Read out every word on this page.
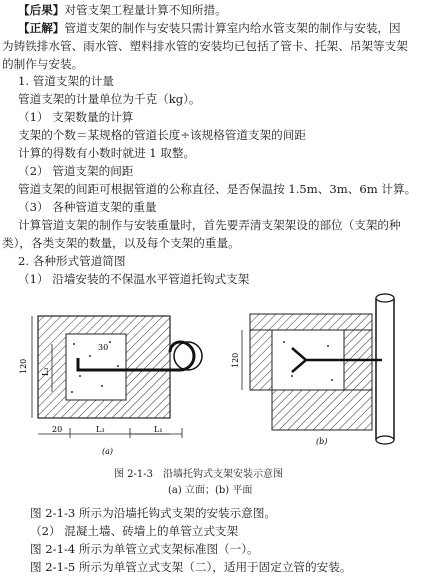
【后果】对管支架工程量计算不知所措。
【正解】管道支架的制作与安装只需计算室内给水管支架的制作与安装，因
为铸铁排水管、雨水管、塑料排水管的安装均已包括了管卡、托架、吊架等支架
的制作与安装。
1. 管道支架的计量
管道支架的计量单位为千克（kg）。
（1） 支架数量的计算
支架的个数＝某规格的管道长度÷该规格管道支架的间距
计算的得数有小数时就进 1 取整。
（2） 管道支架的间距
管道支架的间距可根据管道的公称直径、是否保温按 1.5m、3m、6m 计算。
（3） 各种管道支架的重量
计算管道支架的制作与安装重量时，首先要弄清支架架设的部位（支架的种
类），各类支架的数量，以及每个支架的重量。
2. 各种形式管道简图
（1） 沿墙安装的不保温水平管道托钩式支架
120 L₃
30
20	L₃	L₁
(a)
120
(b)
图 2-1-3　沿墙托钩式支架安装示意图
(a) 立面；(b) 平面
图 2-1-3 所示为沿墙托钩式支架的安装示意图。
（2） 混凝土墙、砖墙上的单管立式支架
图 2-1-4 所示为单管立式支架标准图（一）。
图 2-1-5 所示为单管立式支架（二），适用于固定立管的安装。
